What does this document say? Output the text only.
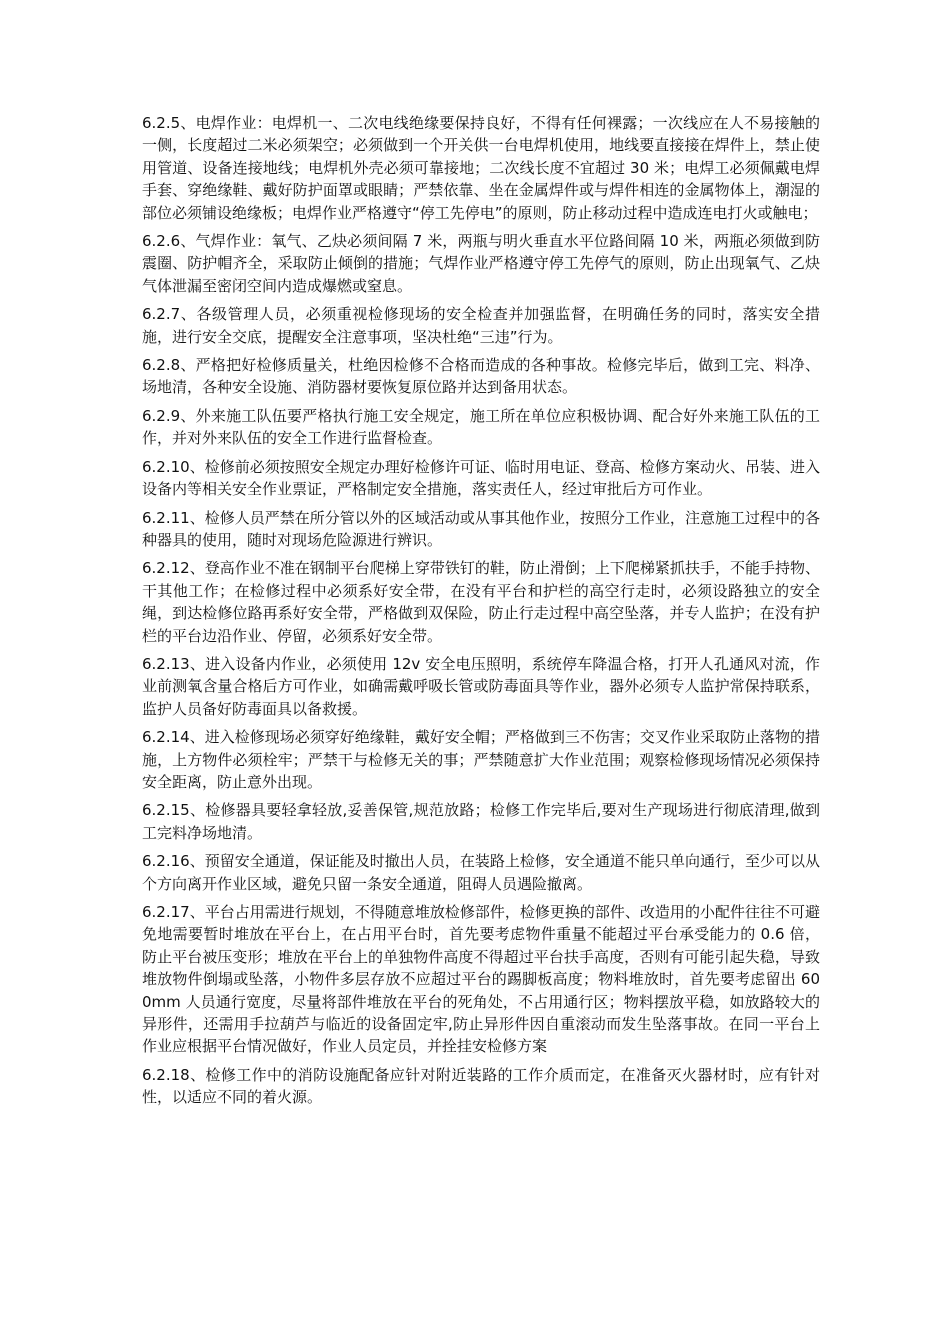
6.2.5、电焊作业：电焊机一、二次电线绝缘要保持良好，不得有任何裸露；一次线应在人不易接触的一侧，长度超过二米必须架空；必须做到一个开关供一台电焊机使用，地线要直接接在焊件上，禁止使用管道、设备连接地线；电焊机外壳必须可靠接地；二次线长度不宜超过 30 米；电焊工必须佩戴电焊手套、穿绝缘鞋、戴好防护面罩或眼睛；严禁依靠、坐在金属焊件或与焊件相连的金属物体上，潮湿的部位必须铺设绝缘板；电焊作业严格遵守“停工先停电”的原则，防止移动过程中造成连电打火或触电；

6.2.6、气焊作业：氧气、乙炔必须间隔 7 米，两瓶与明火垂直水平位路间隔 10 米，两瓶必须做到防震圈、防护帽齐全，采取防止倾倒的措施；气焊作业严格遵守停工先停气的原则，防止出现氧气、乙炔气体泄漏至密闭空间内造成爆燃或窒息。

6.2.7、各级管理人员，必须重视检修现场的安全检查并加强监督，在明确任务的同时，落实安全措施，进行安全交底，提醒安全注意事项，坚决杜绝“三违”行为。

6.2.8、严格把好检修质量关，杜绝因检修不合格而造成的各种事故。检修完毕后，做到工完、料净、场地清，各种安全设施、消防器材要恢复原位路并达到备用状态。

6.2.9、外来施工队伍要严格执行施工安全规定，施工所在单位应积极协调、配合好外来施工队伍的工作，并对外来队伍的安全工作进行监督检查。

6.2.10、检修前必须按照安全规定办理好检修许可证、临时用电证、登高、检修方案动火、吊装、进入设备内等相关安全作业票证，严格制定安全措施，落实责任人，经过审批后方可作业。

6.2.11、检修人员严禁在所分管以外的区域活动或从事其他作业，按照分工作业，注意施工过程中的各种器具的使用，随时对现场危险源进行辨识。

6.2.12、登高作业不准在钢制平台爬梯上穿带铁钉的鞋，防止滑倒；上下爬梯紧抓扶手，不能手持物、干其他工作；在检修过程中必须系好安全带，在没有平台和护栏的高空行走时，必须设路独立的安全绳，到达检修位路再系好安全带，严格做到双保险，防止行走过程中高空坠落，并专人监护；在没有护栏的平台边沿作业、停留，必须系好安全带。

6.2.13、进入设备内作业，必须使用 12v 安全电压照明，系统停车降温合格，打开人孔通风对流，作业前测氧含量合格后方可作业，如确需戴呼吸长管或防毒面具等作业，器外必须专人监护常保持联系，监护人员备好防毒面具以备救援。

6.2.14、进入检修现场必须穿好绝缘鞋，戴好安全帽；严格做到三不伤害；交叉作业采取防止落物的措施，上方物件必须栓牢；严禁干与检修无关的事；严禁随意扩大作业范围；观察检修现场情况必须保持安全距离，防止意外出现。

6.2.15、检修器具要轻拿轻放,妥善保管,规范放路；检修工作完毕后,要对生产现场进行彻底清理,做到工完料净场地清。

6.2.16、预留安全通道，保证能及时撤出人员，在装路上检修，安全通道不能只单向通行，至少可以从个方向离开作业区域，避免只留一条安全通道，阻碍人员遇险撤离。

6.2.17、平台占用需进行规划，不得随意堆放检修部件，检修更换的部件、改造用的小配件往往不可避免地需要暂时堆放在平台上，在占用平台时，首先要考虑物件重量不能超过平台承受能力的 0.6 倍，防止平台被压变形；堆放在平台上的单独物件高度不得超过平台扶手高度，否则有可能引起失稳，导致堆放物件倒塌或坠落，小物件多层存放不应超过平台的踢脚板高度；物料堆放时，首先要考虑留出 600mm 人员通行宽度，尽量将部件堆放在平台的死角处，不占用通行区；物料摆放平稳，如放路较大的异形件，还需用手拉葫芦与临近的设备固定牢,防止异形件因自重滚动而发生坠落事故。在同一平台上作业应根据平台情况做好，作业人员定员，并拴挂安检修方案

6.2.18、检修工作中的消防设施配备应针对附近装路的工作介质而定，在准备灭火器材时，应有针对性，以适应不同的着火源。
